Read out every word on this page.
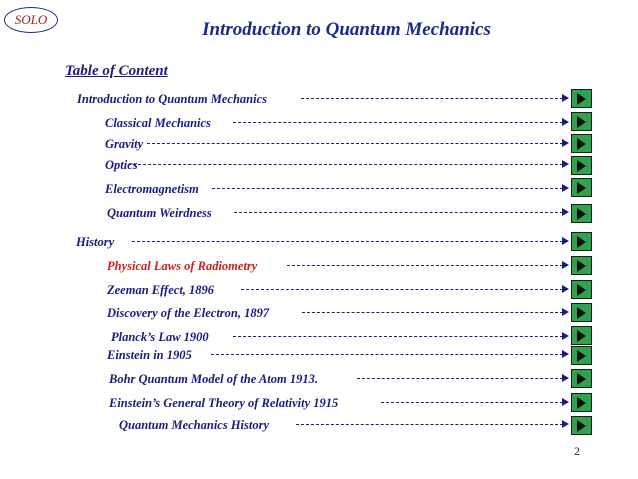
SOLO	Introduction to Quantum Mechanics
Table of Content
Introduction to Quantum Mechanics
Classical Mechanics
Gravity
Optics
Electromagnetism
Quantum Weirdness
History
Physical Laws of Radiometry
Zeeman Effect, 1896
Discovery of the Electron, 1897
Planck’s Law 1900
Einstein in 1905
Bohr Quantum Model of the Atom 1913.
Einstein’s General Theory of Relativity 1915
Quantum Mechanics History
2
